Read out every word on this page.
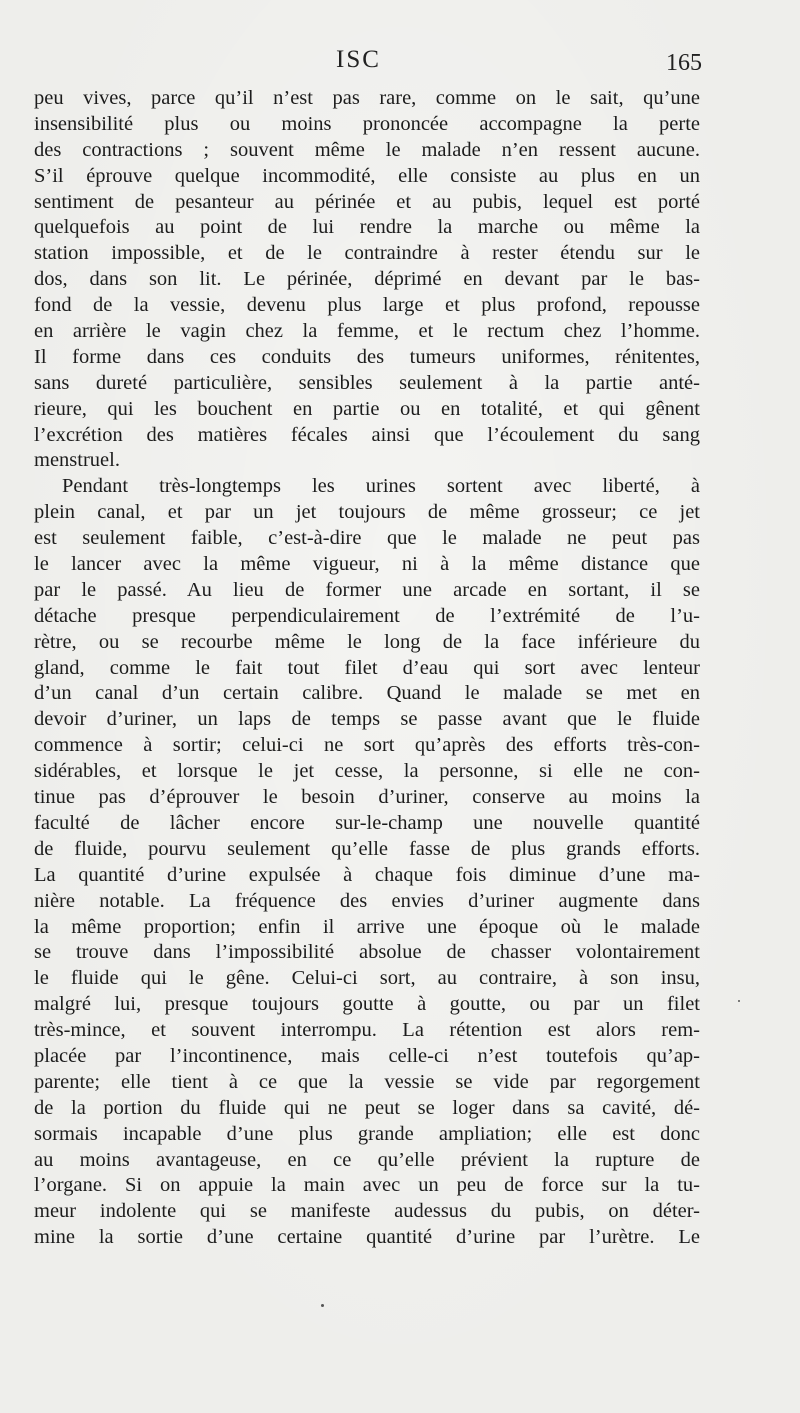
ISC	165
peu vives, parce qu’il n’est pas rare, comme on le sait, qu’une
insensibilité plus ou moins prononcée accompagne la perte
des contractions ; souvent même le malade n’en ressent aucune.
S’il éprouve quelque incommodité, elle consiste au plus en un
sentiment de pesanteur au périnée et au pubis, lequel est porté
quelquefois au point de lui rendre la marche ou même la
station impossible, et de le contraindre à rester étendu sur le
dos, dans son lit. Le périnée, déprimé en devant par le bas-
fond de la vessie, devenu plus large et plus profond, repousse
en arrière le vagin chez la femme, et le rectum chez l’homme.
Il forme dans ces conduits des tumeurs uniformes, rénitentes,
sans dureté particulière, sensibles seulement à la partie anté-
rieure, qui les bouchent en partie ou en totalité, et qui gênent
l’excrétion des matières fécales ainsi que l’écoulement du sang
menstruel.
Pendant très-longtemps les urines sortent avec liberté, à
plein canal, et par un jet toujours de même grosseur; ce jet
est seulement faible, c’est-à-dire que le malade ne peut pas
le lancer avec la même vigueur, ni à la même distance que
par le passé. Au lieu de former une arcade en sortant, il se
détache presque perpendiculairement de l’extrémité de l’u-
rètre, ou se recourbe même le long de la face inférieure du
gland, comme le fait tout filet d’eau qui sort avec lenteur
d’un canal d’un certain calibre. Quand le malade se met en
devoir d’uriner, un laps de temps se passe avant que le fluide
commence à sortir; celui-ci ne sort qu’après des efforts très-con-
sidérables, et lorsque le jet cesse, la personne, si elle ne con-
tinue pas d’éprouver le besoin d’uriner, conserve au moins la
faculté de lâcher encore sur-le-champ une nouvelle quantité
de fluide, pourvu seulement qu’elle fasse de plus grands efforts.
La quantité d’urine expulsée à chaque fois diminue d’une ma-
nière notable. La fréquence des envies d’uriner augmente dans
la même proportion; enfin il arrive une époque où le malade
se trouve dans l’impossibilité absolue de chasser volontairement
le fluide qui le gêne. Celui-ci sort, au contraire, à son insu,
malgré lui, presque toujours goutte à goutte, ou par un filet
très-mince, et souvent interrompu. La rétention est alors rem-
placée par l’incontinence, mais celle-ci n’est toutefois qu’ap-
parente; elle tient à ce que la vessie se vide par regorgement
de la portion du fluide qui ne peut se loger dans sa cavité, dé-
sormais incapable d’une plus grande ampliation; elle est donc
au moins avantageuse, en ce qu’elle prévient la rupture de
l’organe. Si on appuie la main avec un peu de force sur la tu-
meur indolente qui se manifeste audessus du pubis, on déter-
mine la sortie d’une certaine quantité d’urine par l’urètre. Le
